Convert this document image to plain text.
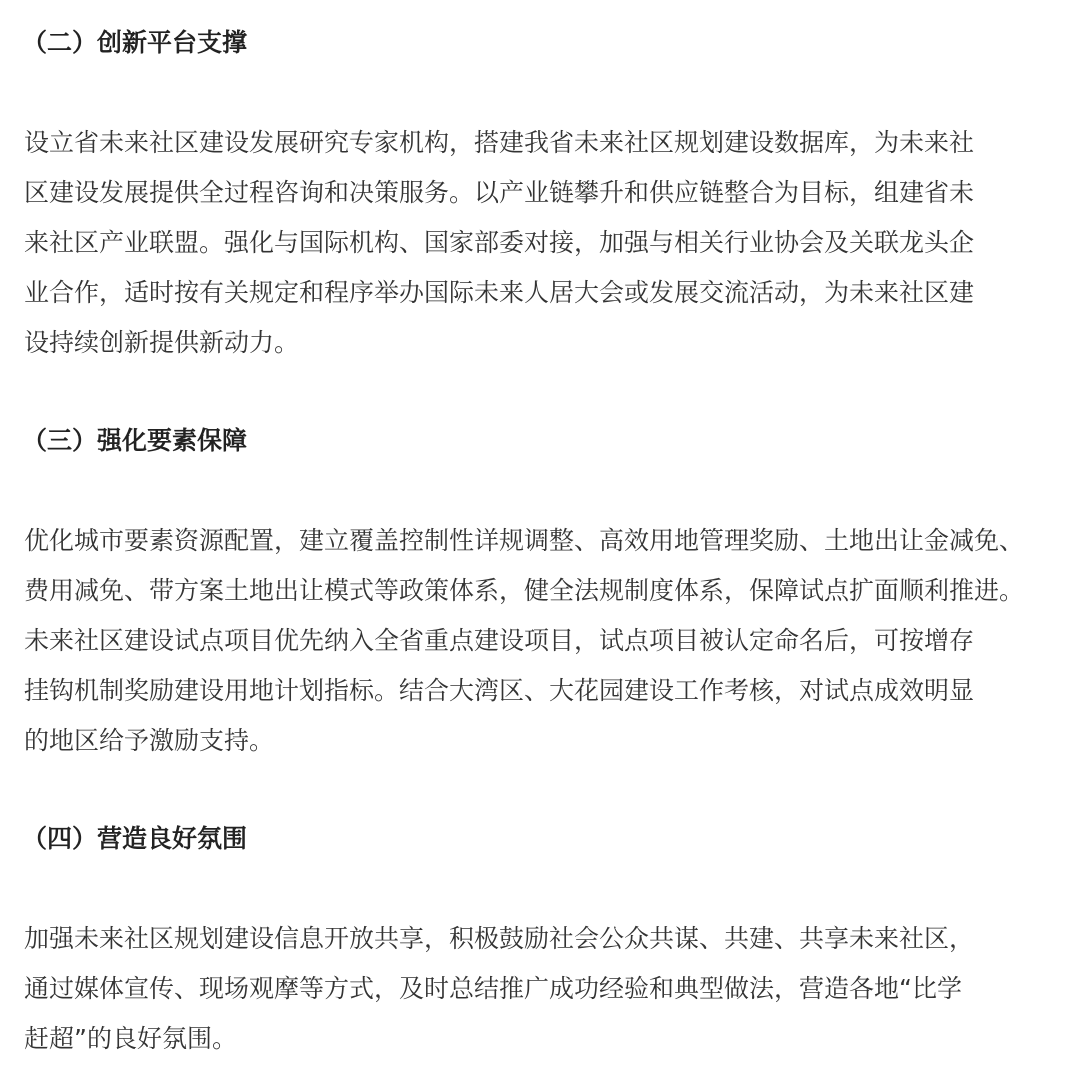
（二）创新平台支撑
设立省未来社区建设发展研究专家机构，搭建我省未来社区规划建设数据库，为未来社
区建设发展提供全过程咨询和决策服务。以产业链攀升和供应链整合为目标，组建省未
来社区产业联盟。强化与国际机构、国家部委对接，加强与相关行业协会及关联龙头企
业合作，适时按有关规定和程序举办国际未来人居大会或发展交流活动，为未来社区建
设持续创新提供新动力。
（三）强化要素保障
优化城市要素资源配置，建立覆盖控制性详规调整、高效用地管理奖励、土地出让金减免、
费用减免、带方案土地出让模式等政策体系，健全法规制度体系，保障试点扩面顺利推进。
未来社区建设试点项目优先纳入全省重点建设项目，试点项目被认定命名后，可按增存
挂钩机制奖励建设用地计划指标。结合大湾区、大花园建设工作考核，对试点成效明显
的地区给予激励支持。
（四）营造良好氛围
加强未来社区规划建设信息开放共享，积极鼓励社会公众共谋、共建、共享未来社区，
通过媒体宣传、现场观摩等方式，及时总结推广成功经验和典型做法，营造各地“比学
赶超”的良好氛围。
